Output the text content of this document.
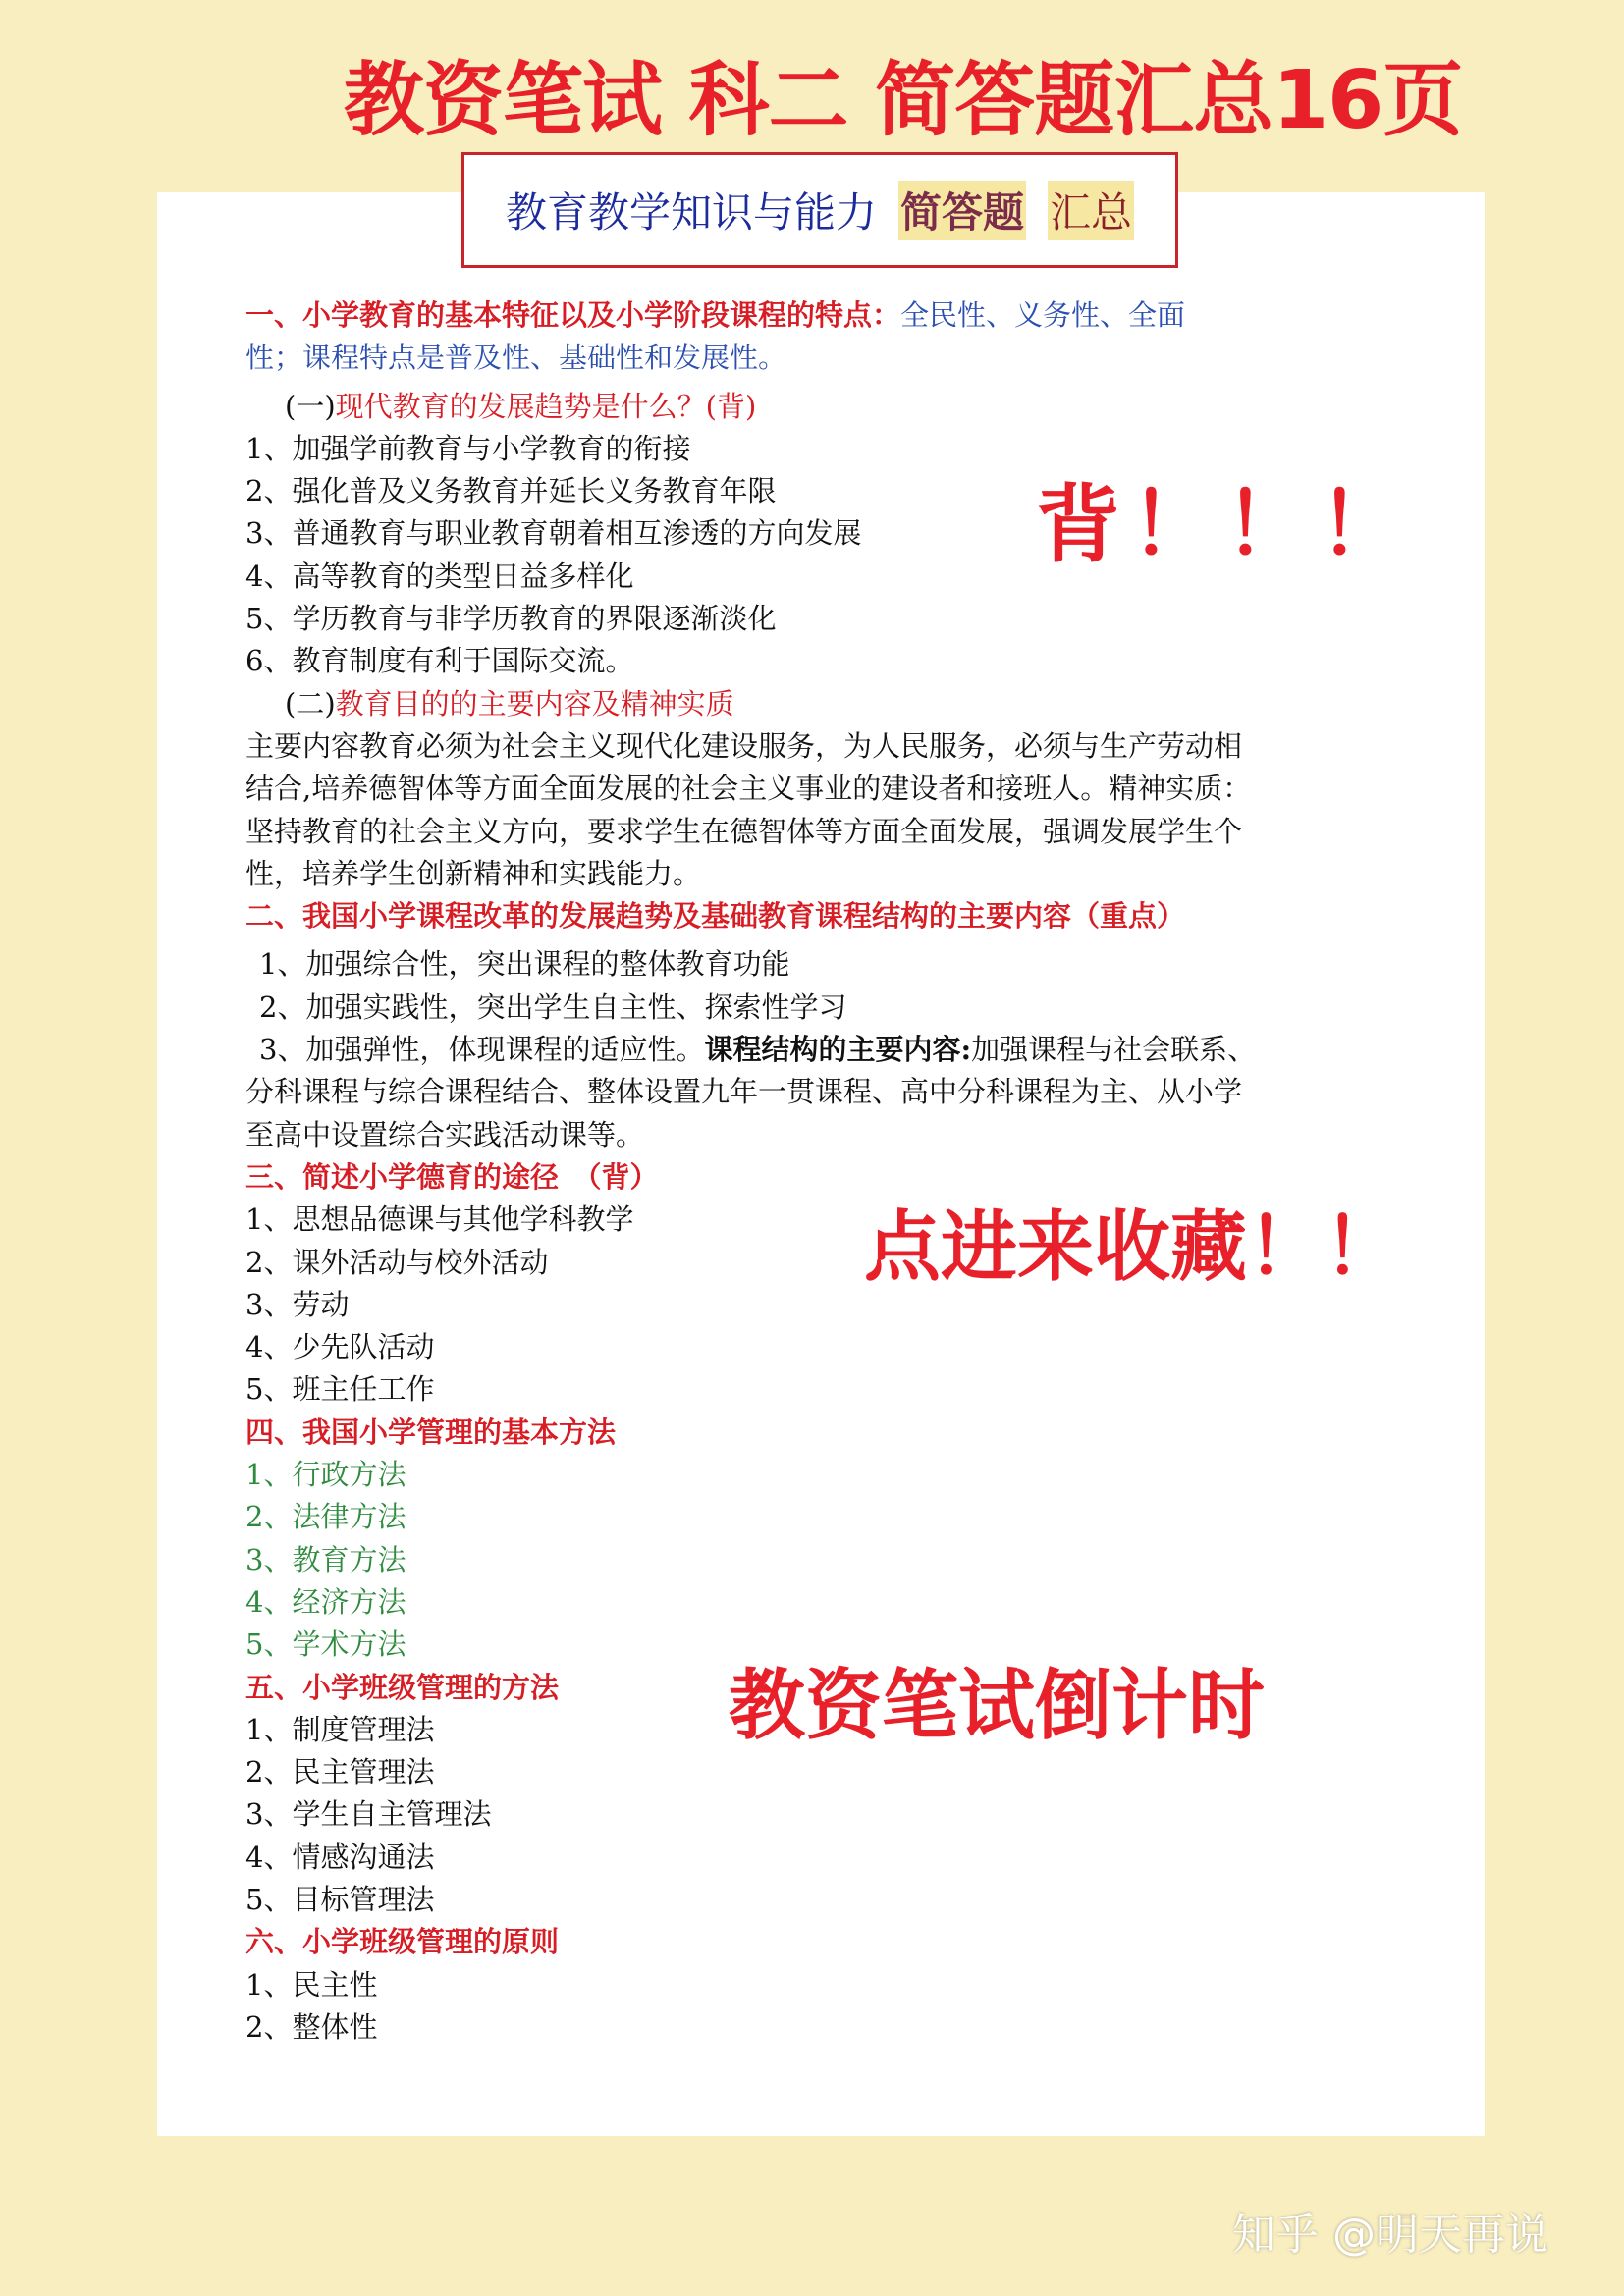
教资笔试 科二 简答题汇总16页
教育教学知识与能力 简答题 汇总
一、小学教育的基本特征以及小学阶段课程的特点：全民性、义务性、全面
性；课程特点是普及性、基础性和发展性。
(一)现代教育的发展趋势是什么？(背)
1、加强学前教育与小学教育的衔接
2、强化普及义务教育并延长义务教育年限
3、普通教育与职业教育朝着相互渗透的方向发展
4、高等教育的类型日益多样化
5、学历教育与非学历教育的界限逐渐淡化
6、教育制度有利于国际交流。
(二)教育目的的主要内容及精神实质
主要内容教育必须为社会主义现代化建设服务，为人民服务，必须与生产劳动相
结合,培养德智体等方面全面发展的社会主义事业的建设者和接班人。精神实质：
坚持教育的社会主义方向，要求学生在德智体等方面全面发展，强调发展学生个
性，培养学生创新精神和实践能力。
二、我国小学课程改革的发展趋势及基础教育课程结构的主要内容（重点）
1、加强综合性，突出课程的整体教育功能
2、加强实践性，突出学生自主性、探索性学习
3、加强弹性，体现课程的适应性。课程结构的主要内容:加强课程与社会联系、
分科课程与综合课程结合、整体设置九年一贯课程、高中分科课程为主、从小学
至高中设置综合实践活动课等。
三、简述小学德育的途径　（背）
1、思想品德课与其他学科教学
2、课外活动与校外活动
3、劳动
4、少先队活动
5、班主任工作
四、我国小学管理的基本方法
1、行政方法
2、法律方法
3、教育方法
4、经济方法
5、学术方法
五、小学班级管理的方法
1、制度管理法
2、民主管理法
3、学生自主管理法
4、情感沟通法
5、目标管理法
六、小学班级管理的原则
1、民主性
2、整体性
背！！！
点进来收藏！！
教资笔试倒计时
知乎 @明天再说
